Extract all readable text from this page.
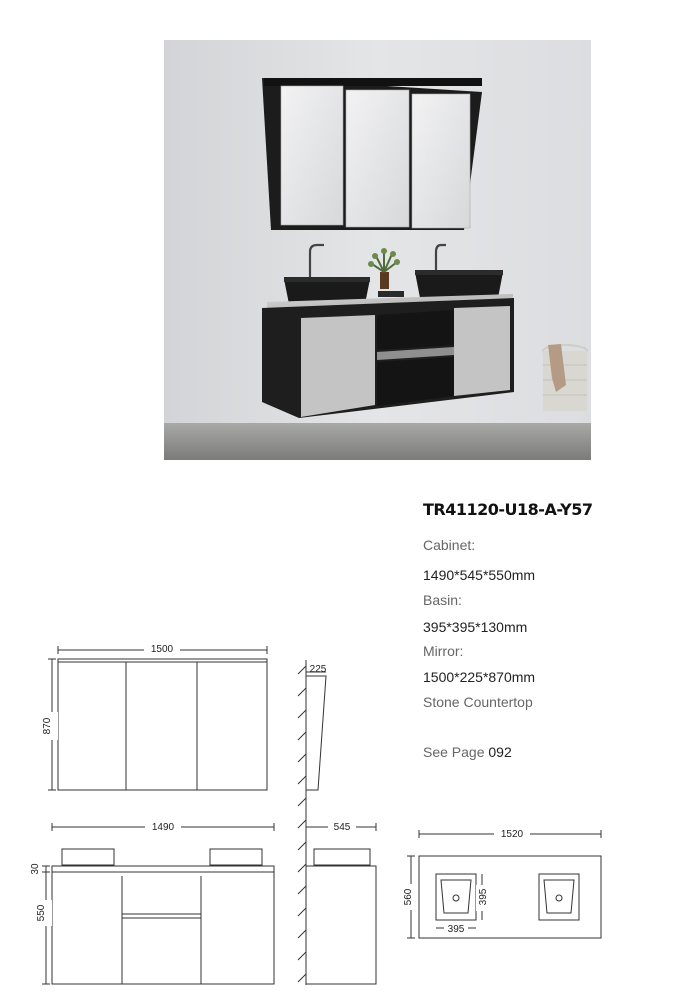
TR41120-U18-A-Y57
Cabinet:
1490*545*550mm
Basin:
395*395*130mm
Mirror:
1500*225*870mm
Stone Countertop
See Page 092
1500
870
225
1490
30
550
545
1520
560
395
395
